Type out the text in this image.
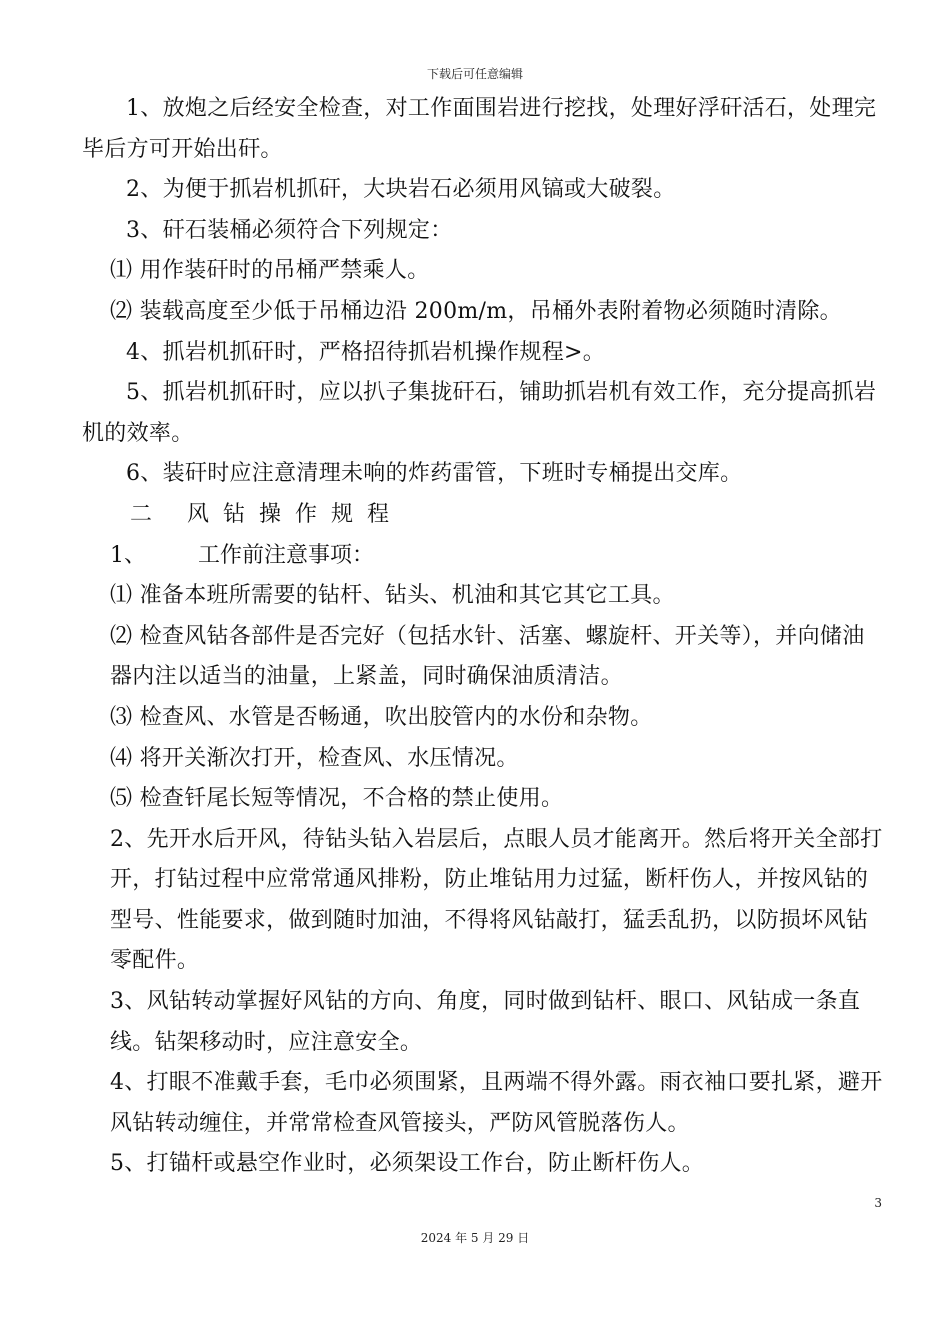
下载后可任意编辑

1、放炮之后经安全检查，对工作面围岩进行挖找，处理好浮矸活石，处理完毕后方可开始出矸。

2、为便于抓岩机抓矸，大块岩石必须用风镐或大破裂。

3、矸石装桶必须符合下列规定：

⑴ 用作装矸时的吊桶严禁乘人。

⑵ 装载高度至少低于吊桶边沿 200m/m，吊桶外表附着物必须随时清除。

4、抓岩机抓矸时，严格招待抓岩机操作规程>。

5、抓岩机抓矸时，应以扒子集拢矸石，铺助抓岩机有效工作，充分提高抓岩机的效率。

6、装矸时应注意清理未响的炸药雷管，下班时专桶提出交库。

二 风钻操作规程

1、 工作前注意事项：

⑴ 准备本班所需要的钻杆、钻头、机油和其它其它工具。

⑵ 检查风钻各部件是否完好（包括水针、活塞、螺旋杆、开关等），并向储油器内注以适当的油量，上紧盖，同时确保油质清洁。

⑶ 检查风、水管是否畅通，吹出胶管内的水份和杂物。

⑷ 将开关渐次打开，检查风、水压情况。

⑸ 检查钎尾长短等情况，不合格的禁止使用。

2、先开水后开风，待钻头钻入岩层后，点眼人员才能离开。然后将开关全部打开，打钻过程中应常常通风排粉，防止堆钻用力过猛，断杆伤人，并按风钻的型号、性能要求，做到随时加油，不得将风钻敲打，猛丢乱扔，以防损坏风钻零配件。

3、风钻转动掌握好风钻的方向、角度，同时做到钻杆、眼口、风钻成一条直线。钻架移动时，应注意安全。

4、打眼不准戴手套，毛巾必须围紧，且两端不得外露。雨衣袖口要扎紧，避开风钻转动缠住，并常常检查风管接头，严防风管脱落伤人。

5、打锚杆或悬空作业时，必须架设工作台，防止断杆伤人。

3
2024 年 5 月 29 日
